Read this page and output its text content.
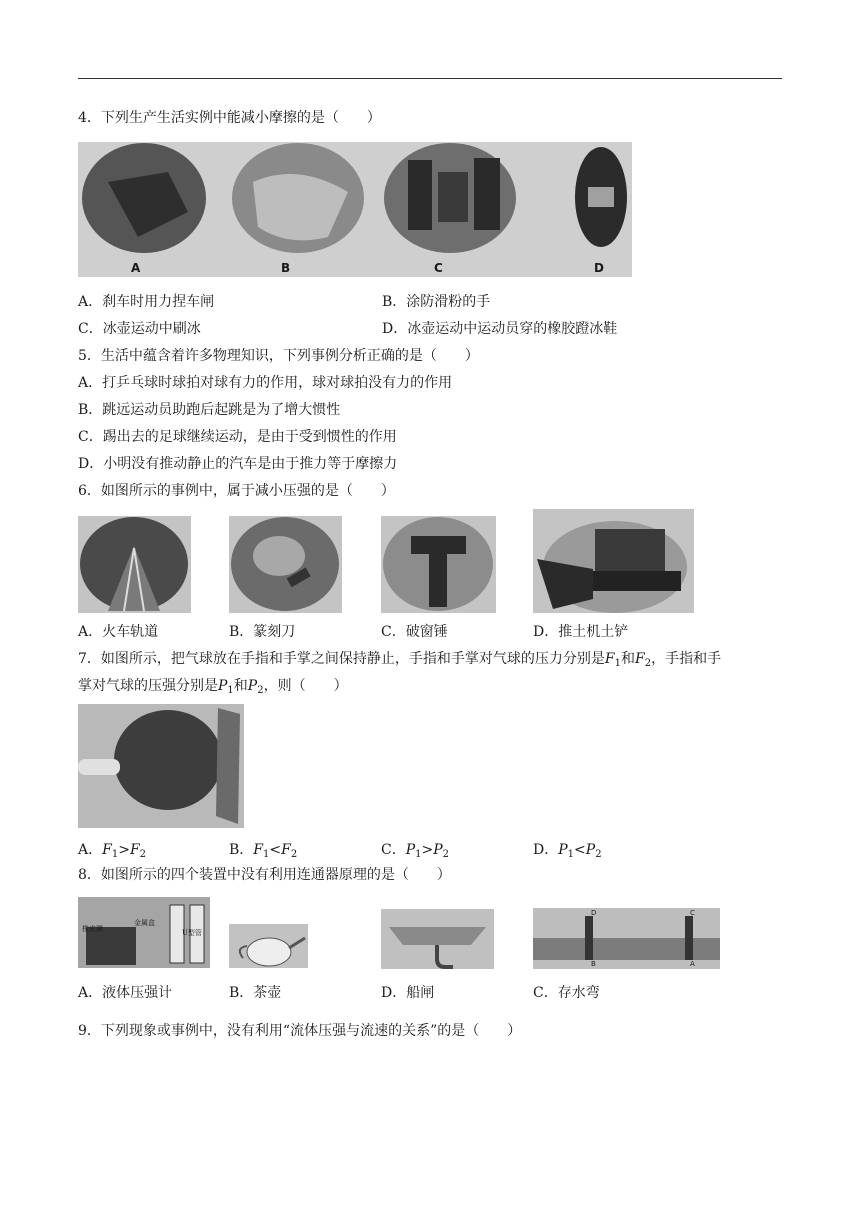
4．下列生产生活实例中能减小摩擦的是（　　）
A	B	C	D
A．刹车时用力捏车闸	B．涂防滑粉的手
C．冰壶运动中刷冰	D．冰壶运动中运动员穿的橡胶蹬冰鞋
5．生活中蕴含着许多物理知识，下列事例分析正确的是（　　）
A．打乒乓球时球拍对球有力的作用，球对球拍没有力的作用
B．跳远运动员助跑后起跳是为了增大惯性
C．踢出去的足球继续运动，是由于受到惯性的作用
D．小明没有推动静止的汽车是由于推力等于摩擦力
6．如图所示的事例中，属于减小压强的是（　　）
A．火车轨道	B．篆刻刀	C．破窗锤	D．推土机土铲
7．如图所示，把气球放在手指和手掌之间保持静止，手指和手掌对气球的压力分别是$F_1$和$F_2$，手指和手
掌对气球的压强分别是$P_1$和$P_2$，则（　　）
A．$F_1>F_2$	B．$F_1<F_2$	C．$P_1>P_2$	D．$P_1<P_2$
8．如图所示的四个装置中没有利用连通器原理的是（　　）
橡皮膜
金属盒
U型管
D	C
B	A
A．液体压强计	B．茶壶	D．船闸	C．存水弯
9．下列现象或事例中，没有利用“流体压强与流速的关系”的是（　　）
